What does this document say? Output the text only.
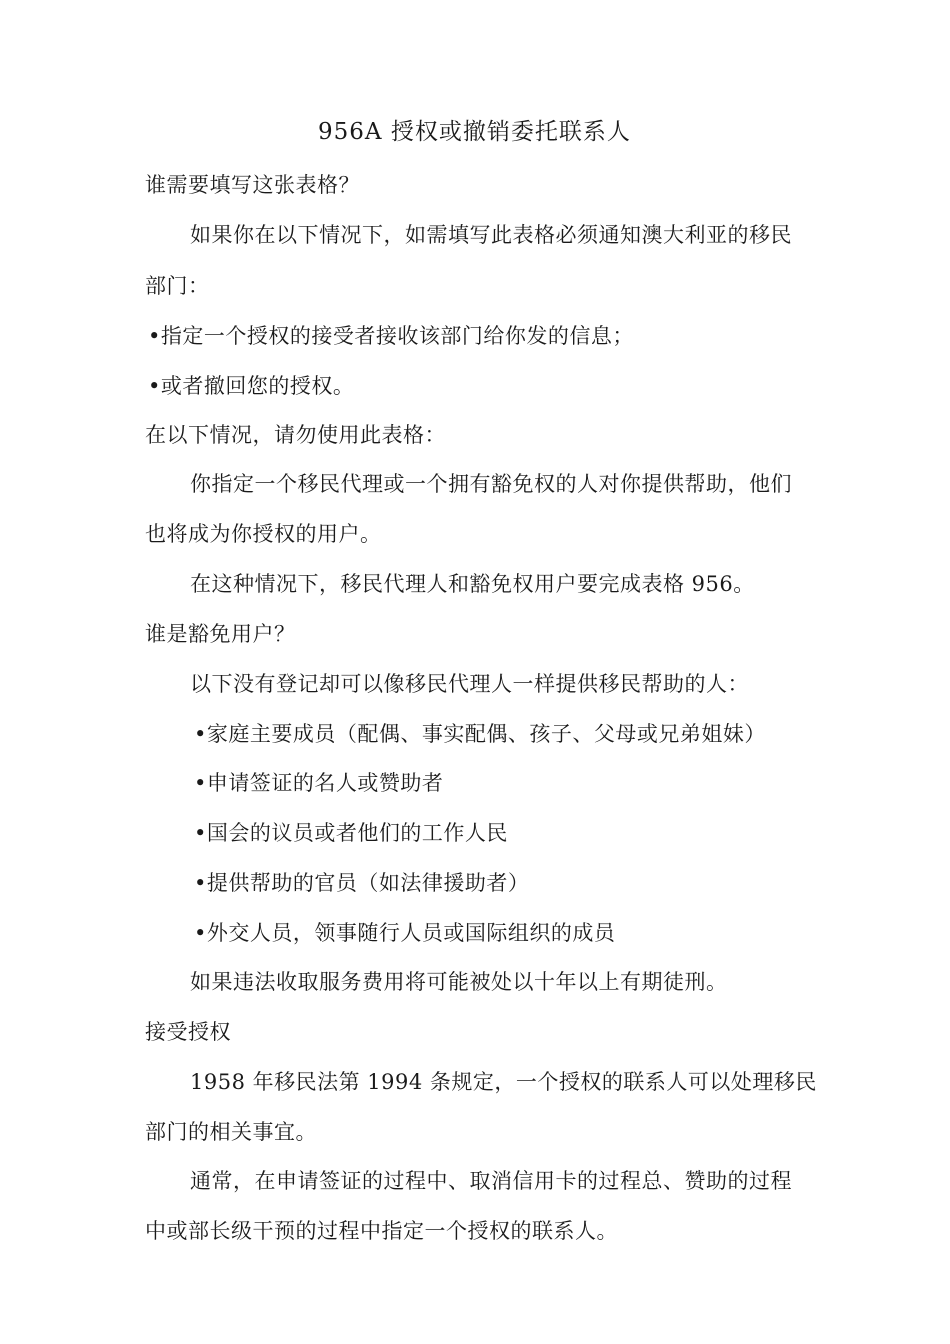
956A 授权或撤销委托联系人
谁需要填写这张表格？
如果你在以下情况下，如需填写此表格必须通知澳大利亚的移民
部门：
•指定一个授权的接受者接收该部门给你发的信息；
•或者撤回您的授权。
在以下情况，请勿使用此表格：
你指定一个移民代理或一个拥有豁免权的人对你提供帮助，他们
也将成为你授权的用户。
在这种情况下，移民代理人和豁免权用户要完成表格 956。
谁是豁免用户？
以下没有登记却可以像移民代理人一样提供移民帮助的人：
•家庭主要成员（配偶、事实配偶、孩子、父母或兄弟姐妹）
•申请签证的名人或赞助者
•国会的议员或者他们的工作人民
•提供帮助的官员（如法律援助者）
•外交人员，领事随行人员或国际组织的成员
如果违法收取服务费用将可能被处以十年以上有期徒刑。
接受授权
1958 年移民法第 1994 条规定，一个授权的联系人可以处理移民
部门的相关事宜。
通常，在申请签证的过程中、取消信用卡的过程总、赞助的过程
中或部长级干预的过程中指定一个授权的联系人。
